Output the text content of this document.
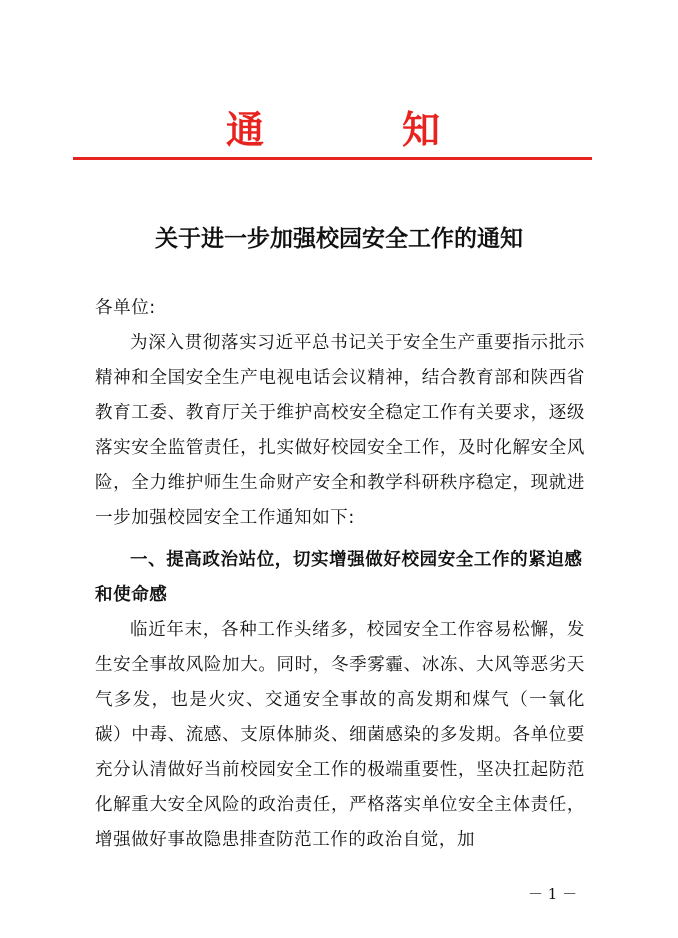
通　知
关于进一步加强校园安全工作的通知
各单位:

为深入贯彻落实习近平总书记关于安全生产重要指示批示精神和全国安全生产电视电话会议精神，结合教育部和陕西省教育工委、教育厅关于维护高校安全稳定工作有关要求，逐级落实安全监管责任，扎实做好校园安全工作，及时化解安全风险，全力维护师生生命财产安全和教学科研秩序稳定，现就进一步加强校园安全工作通知如下:

一、提高政治站位，切实增强做好校园安全工作的紧迫感和使命感

临近年末，各种工作头绪多，校园安全工作容易松懈，发生安全事故风险加大。同时，冬季雾霾、冰冻、大风等恶劣天气多发，也是火灾、交通安全事故的高发期和煤气（一氧化碳）中毒、流感、支原体肺炎、细菌感染的多发期。各单位要充分认清做好当前校园安全工作的极端重要性，坚决扛起防范化解重大安全风险的政治责任，严格落实单位安全主体责任，增强做好事故隐患排查防范工作的政治自觉，加

－ 1 －
